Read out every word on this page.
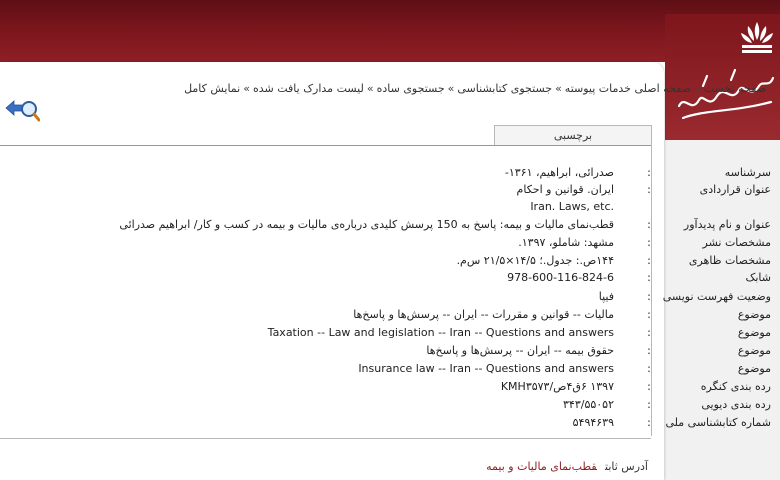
صفحه نخست»صفحه اصلی خدمات پیوسته»جستجوی کتابشناسی»جستجوی ساده»لیست مدارک یافت شده»نمایش کامل
برچسبی
سرشناسه
:
صدرائی، ابراهیم، ۱۳۶۱-
عنوان قراردادی
:
ایران. قوانین و احکام
Iran. Laws, etc.
عنوان و نام پدیدآور
:
قطب‌نمای مالیات و بیمه: پاسخ به 150 پرسش کلیدی درباره‌ی مالیات و بیمه در کسب و کار/ ابراهیم صدرائی
مشخصات نشر
:
مشهد: شاملو، ۱۳۹۷.
مشخصات ظاهری
:
۱۴۴ص.: جدول.؛ ۱۴/۵×۲۱/۵ س‌م.
شابک
:
978-600-116-824-6
وضعیت فهرست نویسی
:
فیپا
موضوع
:
مالیات -- قوانین و مقررات -- ایران -- پرسش‌ها و پاسخ‌ها
موضوع
:
Taxation -- Law and legislation -- Iran -- Questions and answers
موضوع
:
حقوق بیمه -- ایران -- پرسش‌ها و پاسخ‌ها
موضوع
:
Insurance law -- Iran -- Questions and answers
رده بندی کنگره
:
۱۳۹۷ ۶ق۴ص/KMH۳۵۷۳
رده بندی دیویی
:
۳۴۳/۵۵۰۵۲
شماره کتابشناسی ملی
:
۵۴۹۴۶۳۹
آدرس ثابتقطب‌نمای مالیات و بیمه
